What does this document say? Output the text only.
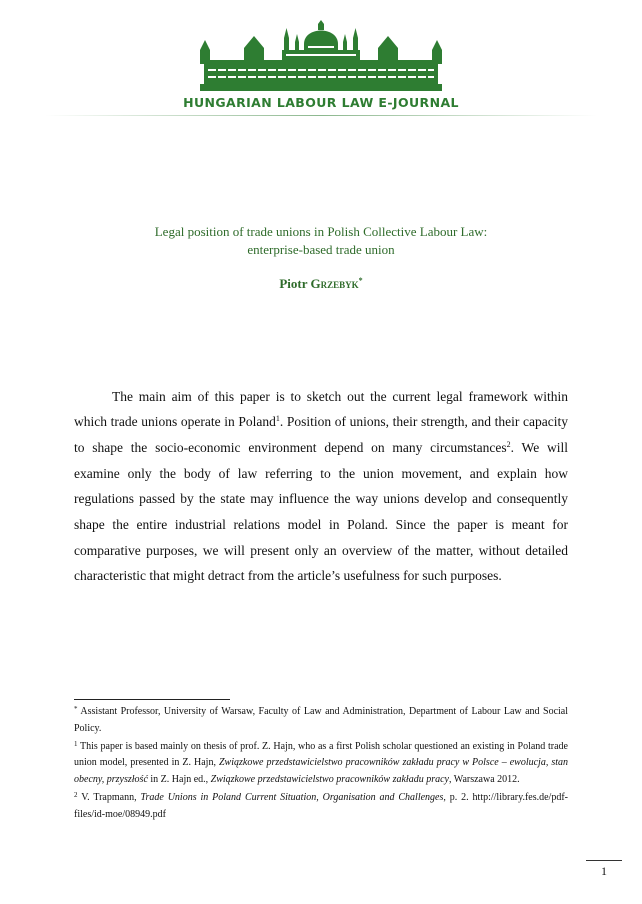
HUNGARIAN LABOUR LAW E-JOURNAL
Legal position of trade unions in Polish Collective Labour Law:
enterprise-based trade union
Piotr Grzebyk*

The main aim of this paper is to sketch out the current legal framework within which trade unions operate in Poland$^1$. Position of unions, their strength, and their capacity to shape the socio-economic environment depend on many circumstances$^2$. We will examine only the body of law referring to the union movement, and explain how regulations passed by the state may influence the way unions develop and consequently shape the entire industrial relations model in Poland. Since the paper is meant for comparative purposes, we will present only an overview of the matter, without detailed characteristic that might detract from the article’s usefulness for such purposes.

* Assistant Professor, University of Warsaw, Faculty of Law and Administration, Department of Labour Law and Social Policy.

$^1$ This paper is based mainly on thesis of prof. Z. Hajn, who as a first Polish scholar questioned an existing in Poland trade union model, presented in Z. Hajn, Związkowe przedstawicielstwo pracowników zakładu pracy w Polsce – ewolucja, stan obecny, przyszłość in Z. Hajn ed., Związkowe przedstawicielstwo pracowników zakładu pracy, Warszawa 2012.

$^2$ V. Trapmann, Trade Unions in Poland Current Situation, Organisation and Challenges, p. 2. http://library.fes.de/pdf-files/id-moe/08949.pdf

1
